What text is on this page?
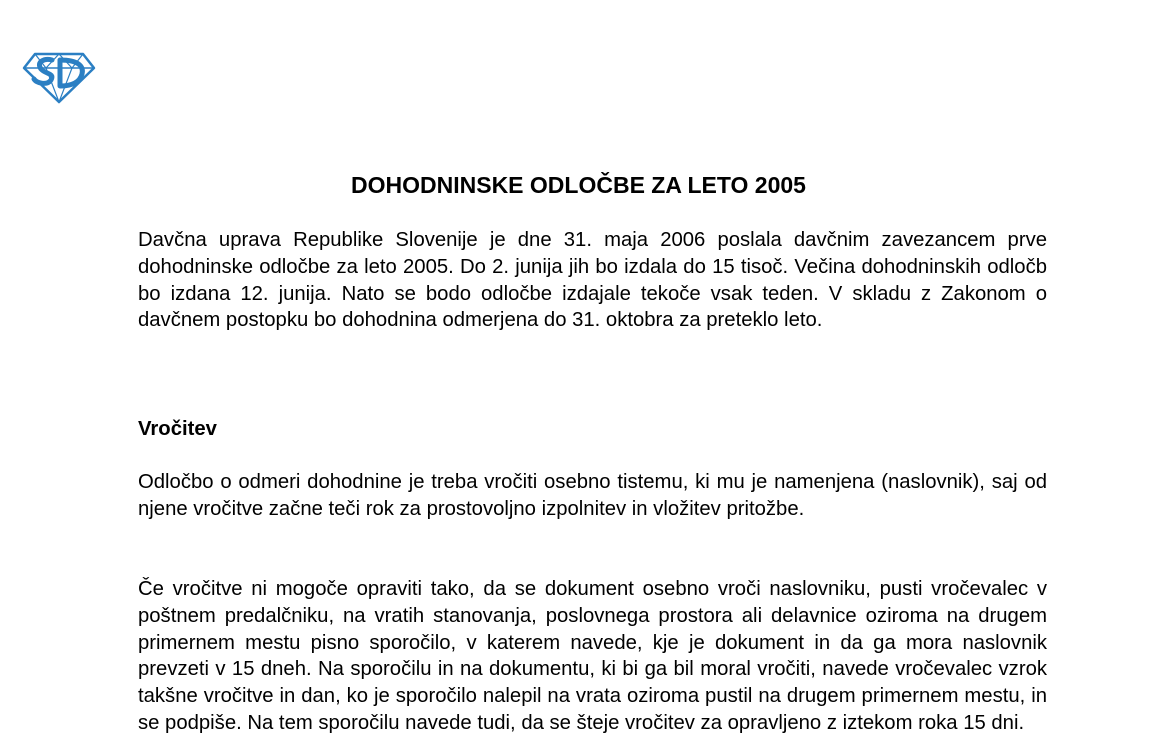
DOHODNINSKE ODLOČBE ZA LETO 2005

Davčna uprava Republike Slovenije je dne 31. maja 2006 poslala davčnim zavezancem prve dohodninske odločbe za leto 2005. Do 2. junija jih bo izdala do 15 tisoč. Večina dohodninskih odločb bo izdana 12. junija. Nato se bodo odločbe izdajale tekoče vsak teden. V skladu z Zakonom o davčnem postopku bo dohodnina odmerjena do 31. oktobra za preteklo leto.

Vročitev

Odločbo o odmeri dohodnine je treba vročiti osebno tistemu, ki mu je namenjena (naslovnik), saj od njene vročitve začne teči rok za prostovoljno izpolnitev in vložitev pritožbe.

Če vročitve ni mogoče opraviti tako, da se dokument osebno vroči naslovniku, pusti vročevalec v poštnem predalčniku, na vratih stanovanja, poslovnega prostora ali delavnice oziroma na drugem primernem mestu pisno sporočilo, v katerem navede, kje je dokument in da ga mora naslovnik prevzeti v 15 dneh. Na sporočilu in na dokumentu, ki bi ga bil moral vročiti, navede vročevalec vzrok takšne vročitve in dan, ko je sporočilo nalepil na vrata oziroma pustil na drugem primernem mestu, in se podpiše. Na tem sporočilu navede tudi, da se šteje vročitev za opravljeno z iztekom roka 15 dni.
